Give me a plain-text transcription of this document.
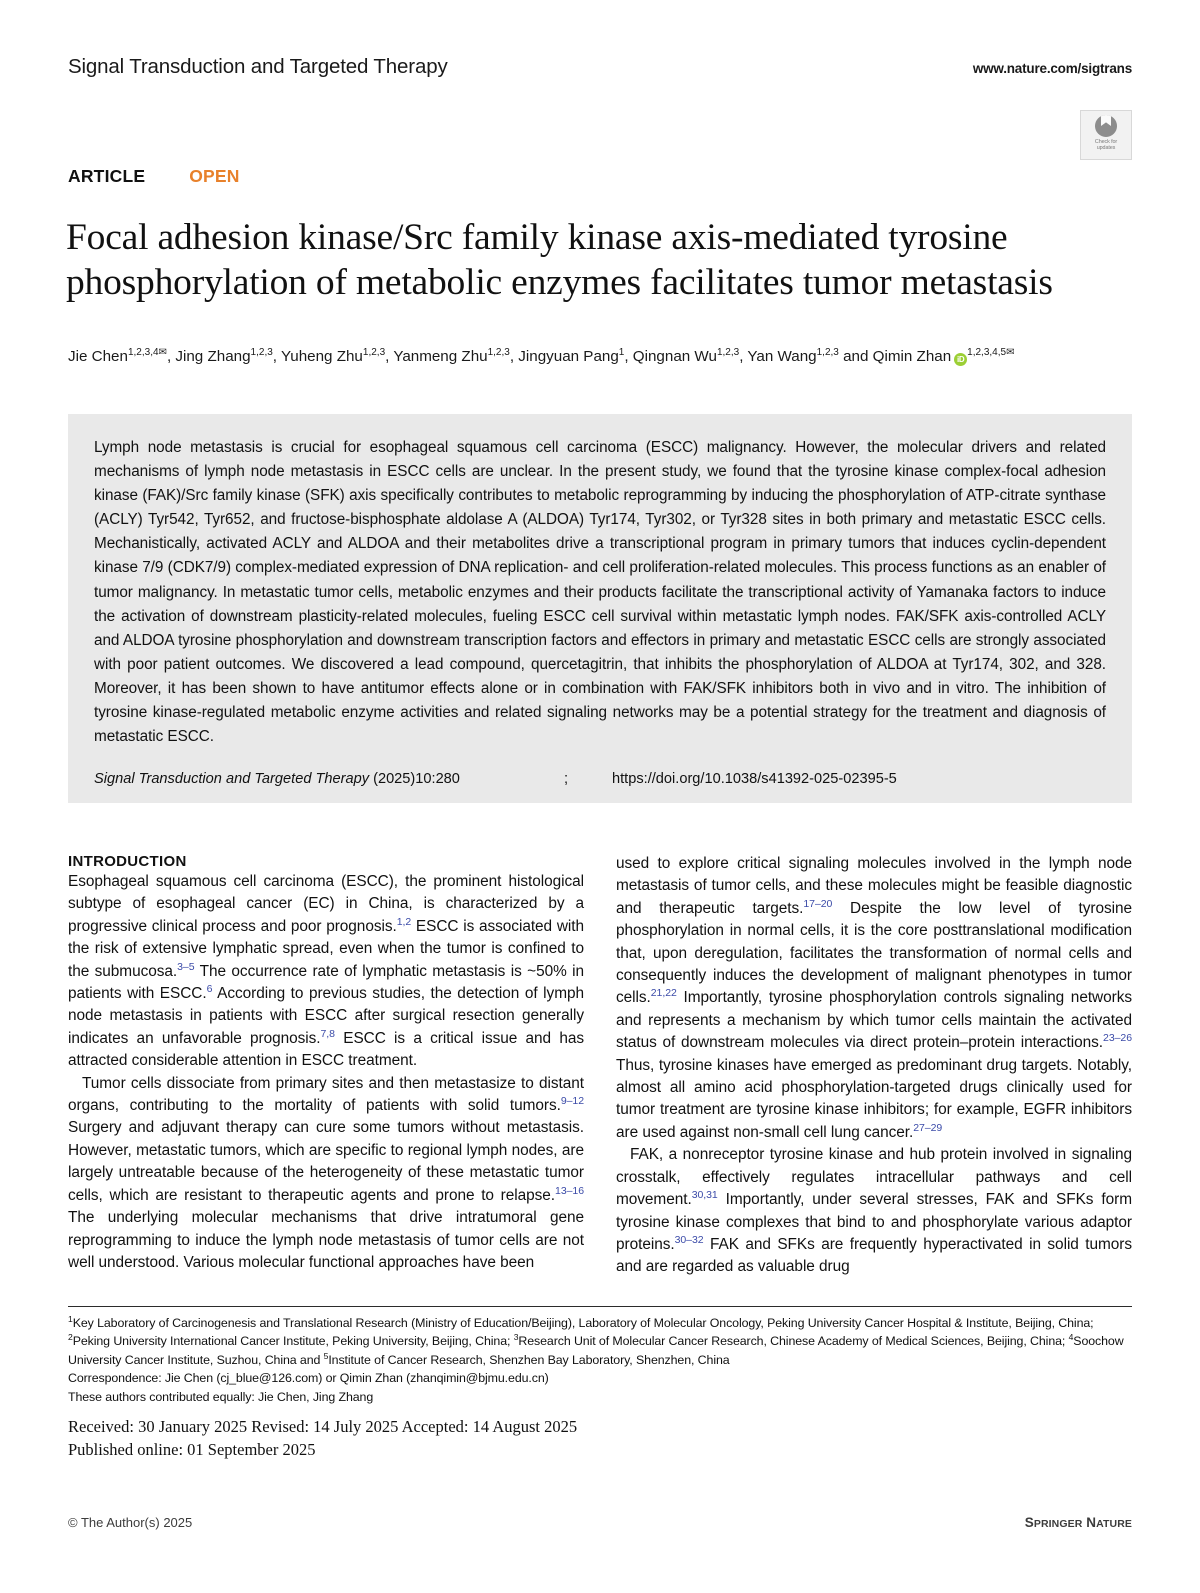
Signal Transduction and Targeted Therapy	www.nature.com/sigtrans
Check for
updates
ARTICLE	OPEN
Focal adhesion kinase/Src family kinase axis-mediated tyrosine phosphorylation of metabolic enzymes facilitates tumor metastasis
Jie Chen$^{1,2,3,4✉}$, Jing Zhang$^{1,2,3}$, Yuheng Zhu$^{1,2,3}$, Yanmeng Zhu$^{1,2,3}$, Jingyuan Pang$^1$, Qingnan Wu$^{1,2,3}$, Yan Wang$^{1,2,3}$ and Qimin Zhan $iD^{1,2,3,4,5✉}$
Lymph node metastasis is crucial for esophageal squamous cell carcinoma (ESCC) malignancy. However, the molecular drivers and related mechanisms of lymph node metastasis in ESCC cells are unclear. In the present study, we found that the tyrosine kinase complex-focal adhesion kinase (FAK)/Src family kinase (SFK) axis specifically contributes to metabolic reprogramming by inducing the phosphorylation of ATP-citrate synthase (ACLY) Tyr542, Tyr652, and fructose-bisphosphate aldolase A (ALDOA) Tyr174, Tyr302, or Tyr328 sites in both primary and metastatic ESCC cells. Mechanistically, activated ACLY and ALDOA and their metabolites drive a transcriptional program in primary tumors that induces cyclin-dependent kinase 7/9 (CDK7/9) complex-mediated expression of DNA replication- and cell proliferation-related molecules. This process functions as an enabler of tumor malignancy. In metastatic tumor cells, metabolic enzymes and their products facilitate the transcriptional activity of Yamanaka factors to induce the activation of downstream plasticity-related molecules, fueling ESCC cell survival within metastatic lymph nodes. FAK/SFK axis-controlled ACLY and ALDOA tyrosine phosphorylation and downstream transcription factors and effectors in primary and metastatic ESCC cells are strongly associated with poor patient outcomes. We discovered a lead compound, quercetagitrin, that inhibits the phosphorylation of ALDOA at Tyr174, 302, and 328. Moreover, it has been shown to have antitumor effects alone or in combination with FAK/SFK inhibitors both in vivo and in vitro. The inhibition of tyrosine kinase-regulated metabolic enzyme activities and related signaling networks may be a potential strategy for the treatment and diagnosis of metastatic ESCC.
Signal Transduction and Targeted Therapy (2025)10:280	;	https://doi.org/10.1038/s41392-025-02395-5
INTRODUCTION

Esophageal squamous cell carcinoma (ESCC), the prominent histological subtype of esophageal cancer (EC) in China, is characterized by a progressive clinical process and poor prognosis.$^{1,2}$ ESCC is associated with the risk of extensive lymphatic spread, even when the tumor is confined to the submucosa.$^{3-5}$ The occurrence rate of lymphatic metastasis is ~50% in patients with ESCC.$^6$ According to previous studies, the detection of lymph node metastasis in patients with ESCC after surgical resection generally indicates an unfavorable prognosis.$^{7,8}$ ESCC is a critical issue and has attracted considerable attention in ESCC treatment.

Tumor cells dissociate from primary sites and then metastasize to distant organs, contributing to the mortality of patients with solid tumors.$^{9-12}$ Surgery and adjuvant therapy can cure some tumors without metastasis. However, metastatic tumors, which are specific to regional lymph nodes, are largely untreatable because of the heterogeneity of these metastatic tumor cells, which are resistant to therapeutic agents and prone to relapse.$^{13-16}$ The underlying molecular mechanisms that drive intratumoral gene reprogramming to induce the lymph node metastasis of tumor cells are not well understood. Various molecular functional approaches have been

used to explore critical signaling molecules involved in the lymph node metastasis of tumor cells, and these molecules might be feasible diagnostic and therapeutic targets.$^{17-20}$ Despite the low level of tyrosine phosphorylation in normal cells, it is the core posttranslational modification that, upon deregulation, facilitates the transformation of normal cells and consequently induces the development of malignant phenotypes in tumor cells.$^{21,22}$ Importantly, tyrosine phosphorylation controls signaling networks and represents a mechanism by which tumor cells maintain the activated status of downstream molecules via direct protein–protein interactions.$^{23-26}$ Thus, tyrosine kinases have emerged as predominant drug targets. Notably, almost all amino acid phosphorylation-targeted drugs clinically used for tumor treatment are tyrosine kinase inhibitors; for example, EGFR inhibitors are used against non-small cell lung cancer.$^{27-29}$

FAK, a nonreceptor tyrosine kinase and hub protein involved in signaling crosstalk, effectively regulates intracellular pathways and cell movement.$^{30,31}$ Importantly, under several stresses, FAK and SFKs form tyrosine kinase complexes that bind to and phosphorylate various adaptor proteins.$^{30-32}$ FAK and SFKs are frequently hyperactivated in solid tumors and are regarded as valuable drug

$^1$Key Laboratory of Carcinogenesis and Translational Research (Ministry of Education/Beijing), Laboratory of Molecular Oncology, Peking University Cancer Hospital & Institute, Beijing, China; $^2$Peking University International Cancer Institute, Peking University, Beijing, China; $^3$Research Unit of Molecular Cancer Research, Chinese Academy of Medical Sciences, Beijing, China; $^4$Soochow University Cancer Institute, Suzhou, China and $^5$Institute of Cancer Research, Shenzhen Bay Laboratory, Shenzhen, China
Correspondence: Jie Chen (cj_blue@126.com) or Qimin Zhan (zhanqimin@bjmu.edu.cn)
These authors contributed equally: Jie Chen, Jing Zhang
Received: 30 January 2025 Revised: 14 July 2025 Accepted: 14 August 2025
Published online: 01 September 2025
© The Author(s) 2025	SPRINGER NATURE
